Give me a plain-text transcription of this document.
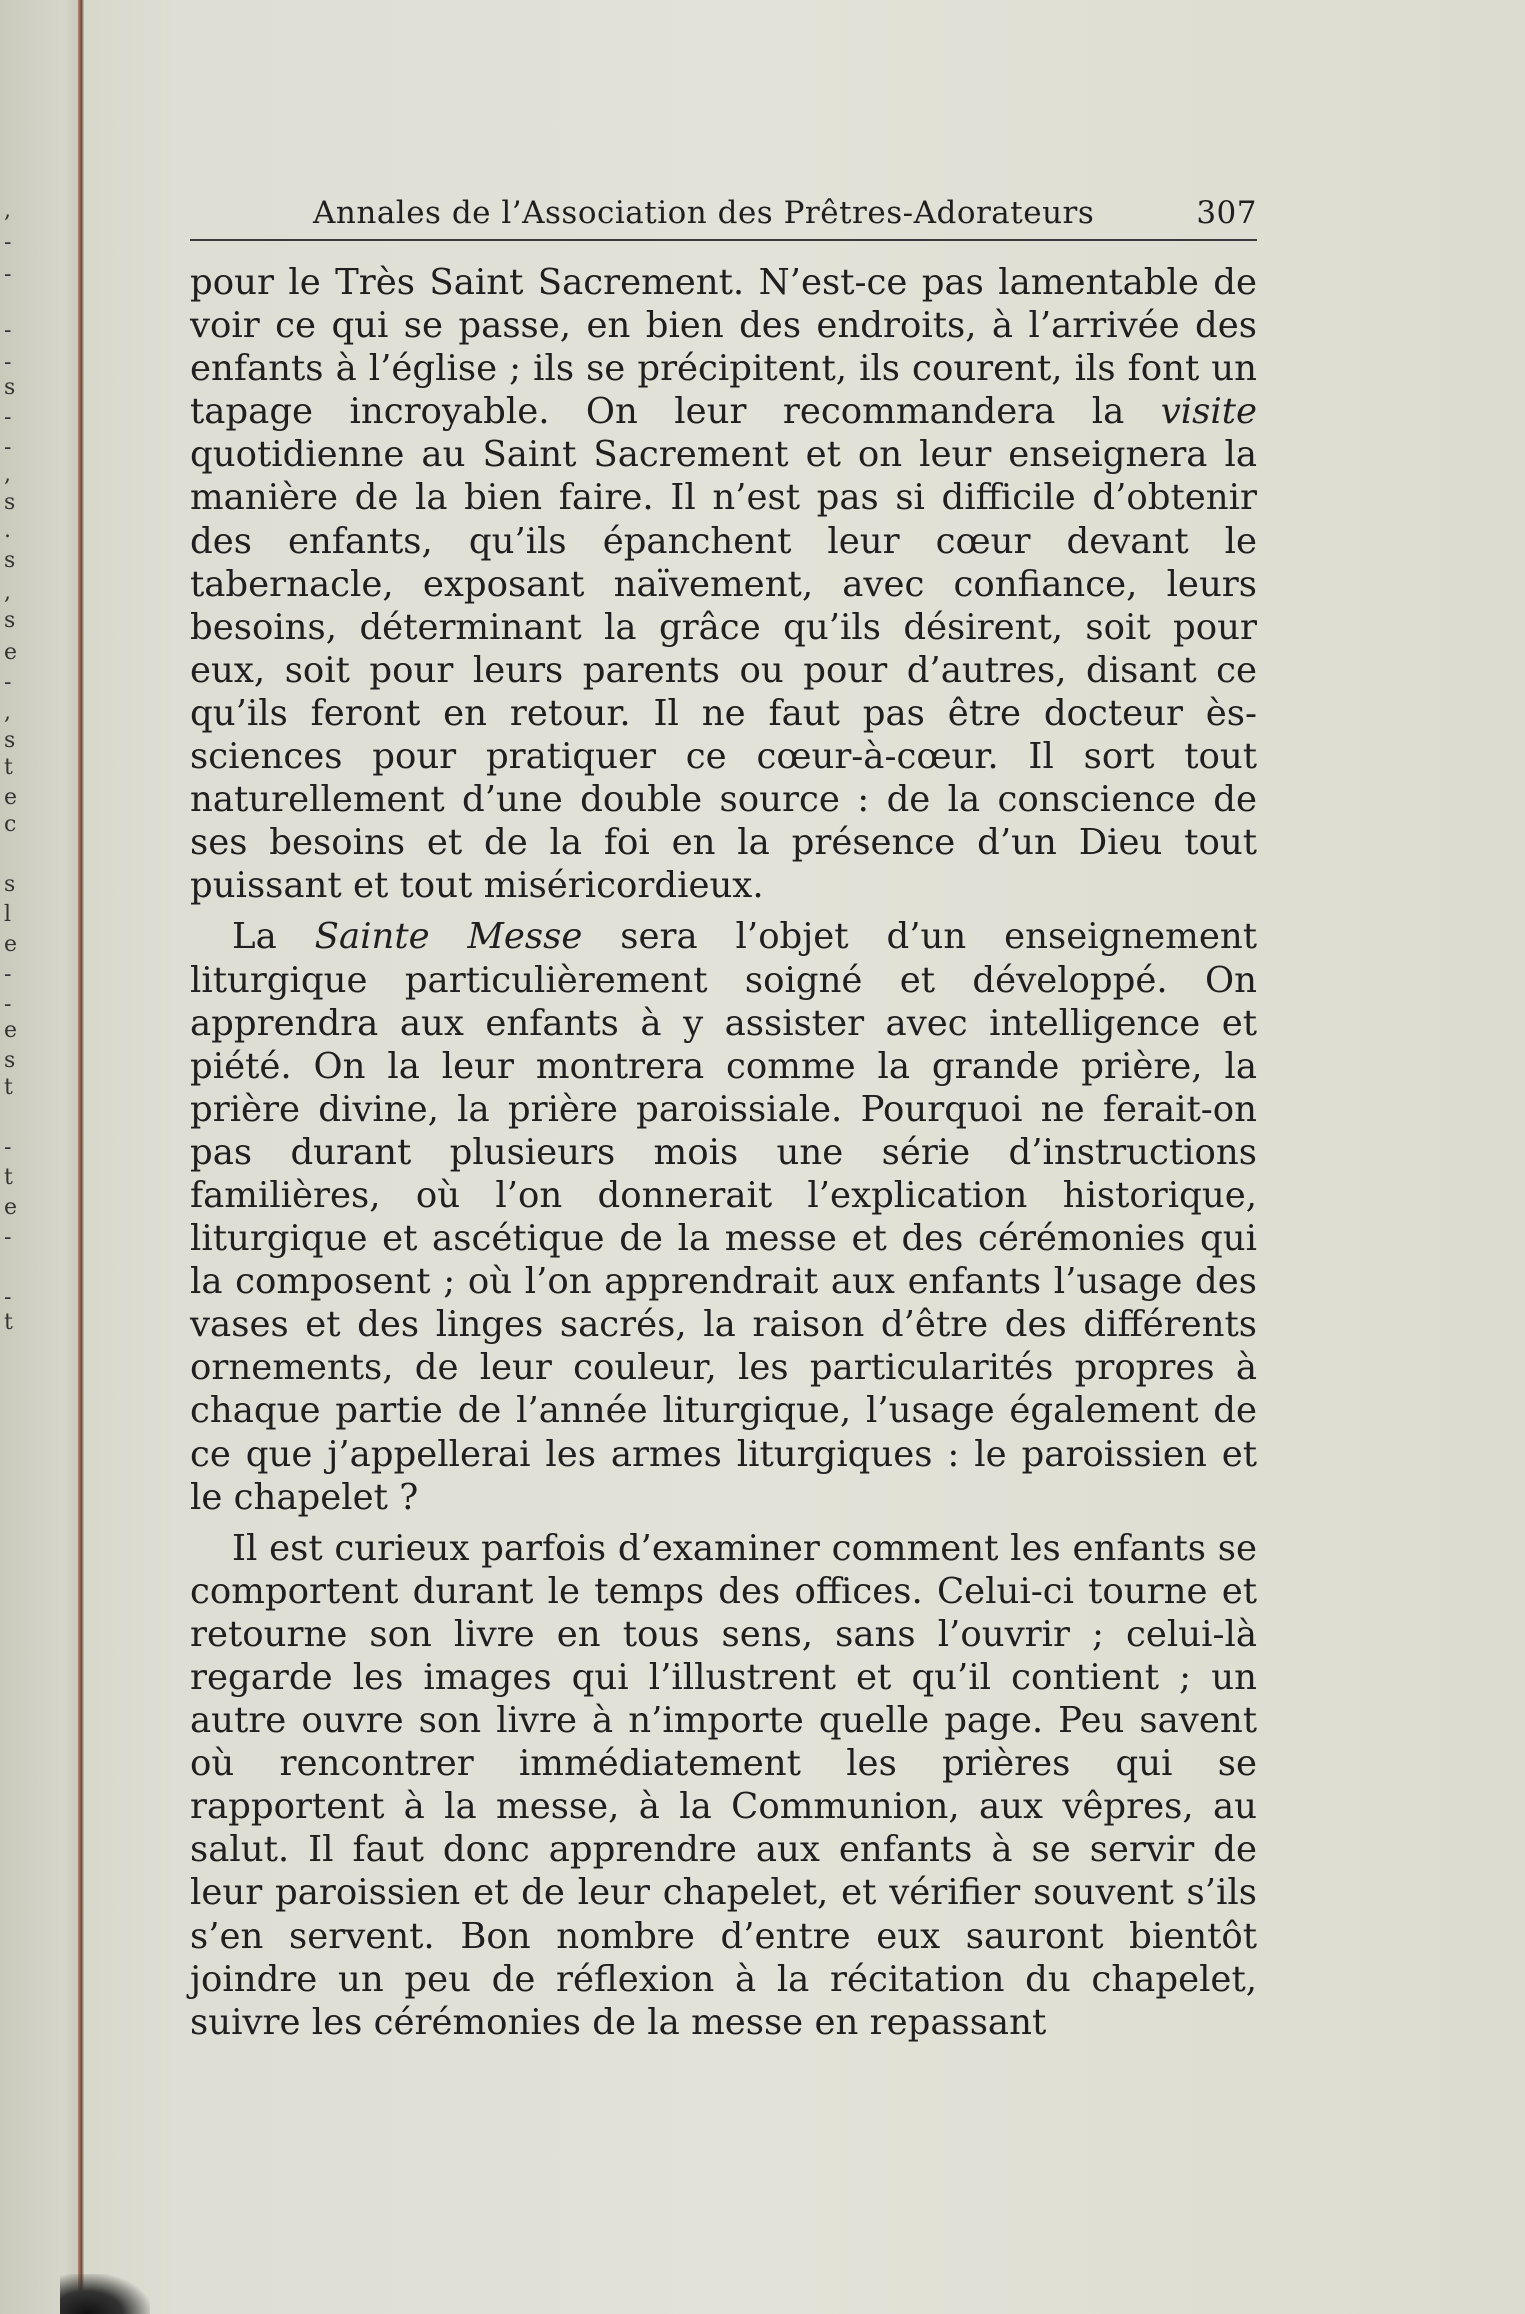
,
-
-
-
-
s
-
-
,
s
.
s
,
s
e
-
,
s
t
e
c
s
l
e
-
-
e
s
t
-
t
e
-
-
t
Annales de l’Association des Prêtres-Adorateurs	307

pour le Très Saint Sacrement. N’est-ce pas lamentable de voir ce qui se passe, en bien des endroits, à l’arrivée des enfants à l’église ; ils se précipitent, ils courent, ils font un tapage incroyable. On leur recommandera la visite quotidienne au Saint Sacrement et on leur enseignera la manière de la bien faire. Il n’est pas si difficile d’obtenir des enfants, qu’ils épanchent leur cœur devant le tabernacle, exposant naïvement, avec confiance, leurs besoins, déterminant la grâce qu’ils désirent, soit pour eux, soit pour leurs parents ou pour d’autres, disant ce qu’ils feront en retour. Il ne faut pas être docteur ès-sciences pour pratiquer ce cœur-à-cœur. Il sort tout naturellement d’une double source : de la conscience de ses besoins et de la foi en la présence d’un Dieu tout puissant et tout miséricordieux.

La Sainte Messe sera l’objet d’un enseignement liturgique particulièrement soigné et développé. On apprendra aux enfants à y assister avec intelligence et piété. On la leur montrera comme la grande prière, la prière divine, la prière paroissiale. Pourquoi ne ferait-on pas durant plusieurs mois une série d’instructions familières, où l’on donnerait l’explication historique, liturgique et ascétique de la messe et des cérémonies qui la composent ; où l’on apprendrait aux enfants l’usage des vases et des linges sacrés, la raison d’être des différents ornements, de leur couleur, les particularités propres à chaque partie de l’année liturgique, l’usage également de ce que j’appellerai les armes liturgiques : le paroissien et le chapelet ?

Il est curieux parfois d’examiner comment les enfants se comportent durant le temps des offices. Celui-ci tourne et retourne son livre en tous sens, sans l’ouvrir ; celui-là regarde les images qui l’illustrent et qu’il contient ; un autre ouvre son livre à n’importe quelle page. Peu savent où rencontrer immédiatement les prières qui se rapportent à la messe, à la Communion, aux vêpres, au salut. Il faut donc apprendre aux enfants à se servir de leur paroissien et de leur chapelet, et vérifier souvent s’ils s’en servent. Bon nombre d’entre eux sauront bientôt joindre un peu de réflexion à la récitation du chapelet, suivre les cérémonies de la messe en repassant
